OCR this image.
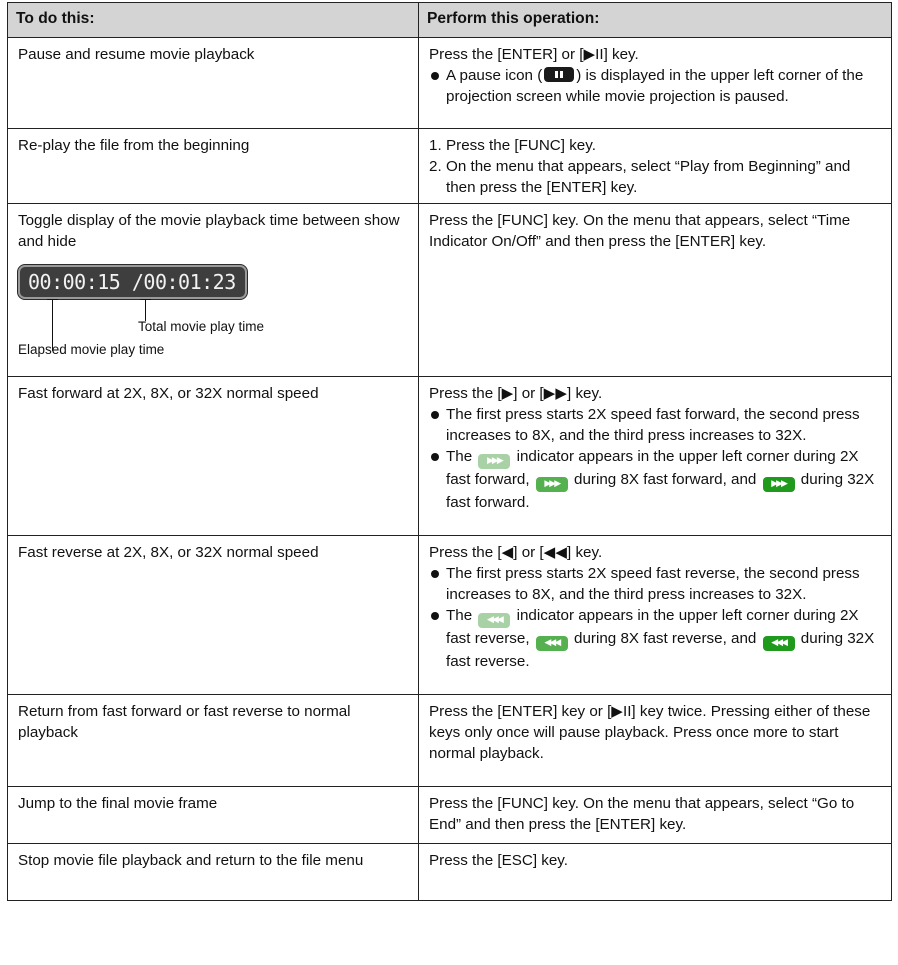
To do this:	Perform this operation:
Pause and resume movie playback	Press the [ENTER] or [▶II] key.
A pause icon ( ) is displayed in the upper left corner of the projection screen while movie projection is paused.

Re-play the file from the beginning	1. Press the [FUNC] key.
2. On the menu that appears, select “Play from Beginning” and then press the [ENTER] key.

Toggle display of the movie playback time between show and hide
00:00:15 /00:01:23
Total movie play time
Elapsed movie play time	Press the [FUNC] key. On the menu that appears, select “Time Indicator On/Off” and then press the [ENTER] key.
Fast forward at 2X, 8X, or 32X normal speed	Press the [▶] or [▶▶] key.
The first press starts 2X speed fast forward, the second press increases to 8X, and the third press increases to 32X.
The ▶▶▶ indicator appears in the upper left corner during 2X fast forward, ▶▶▶ during 8X fast forward, and ▶▶▶ during 32X fast forward.

Fast reverse at 2X, 8X, or 32X normal speed	Press the [◀] or [◀◀] key.
The first press starts 2X speed fast reverse, the second press increases to 8X, and the third press increases to 32X.
The ◀◀◀ indicator appears in the upper left corner during 2X fast reverse, ◀◀◀ during 8X fast reverse, and ◀◀◀ during 32X fast reverse.

Return from fast forward or fast reverse to normal playback	Press the [ENTER] key or [▶II] key twice. Pressing either of these keys only once will pause playback. Press once more to start normal playback.
Jump to the final movie frame	Press the [FUNC] key. On the menu that appears, select “Go to End” and then press the [ENTER] key.
Stop movie file playback and return to the file menu	Press the [ESC] key.
